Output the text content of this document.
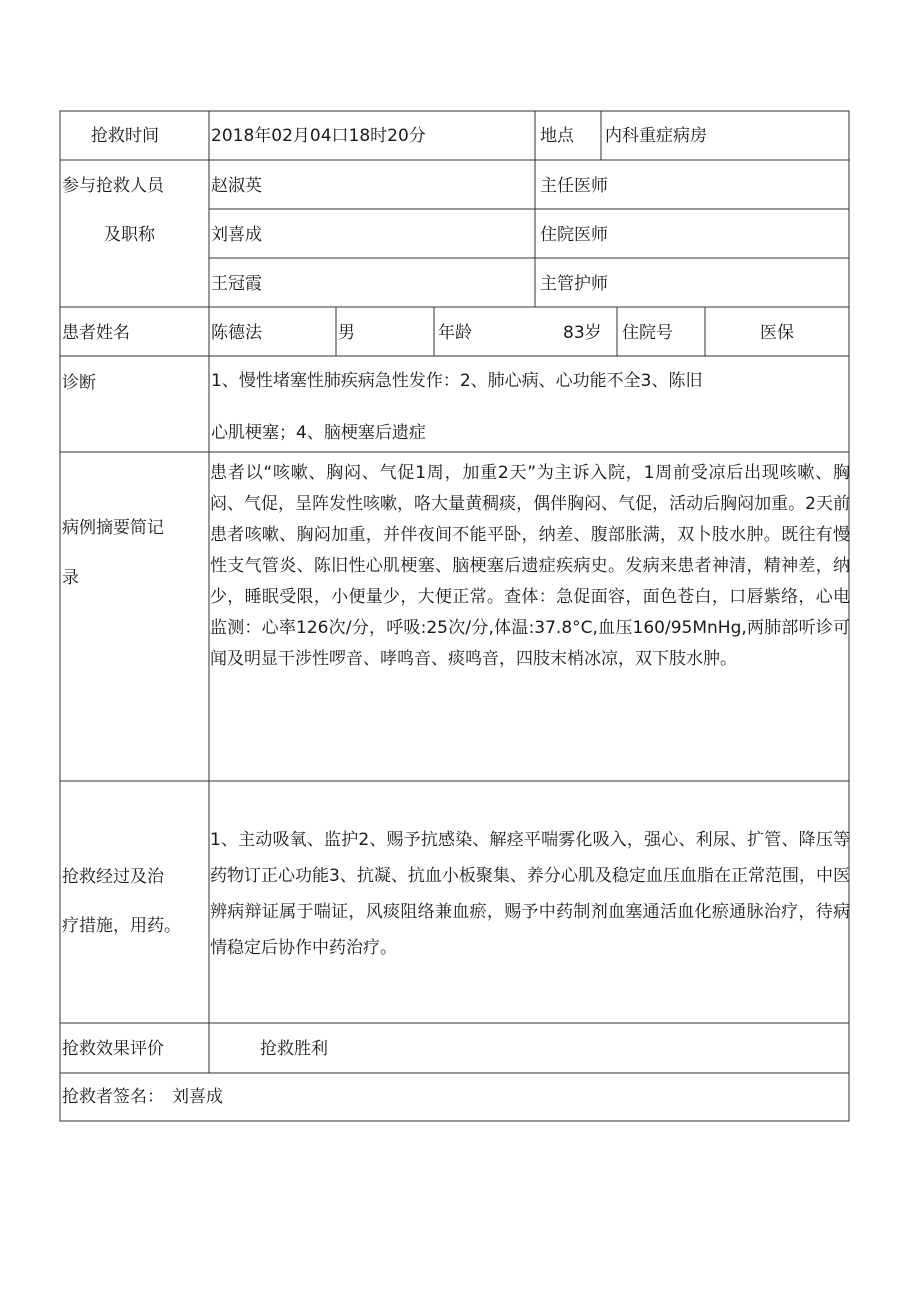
抢救时间	2018年02月04口18时20分	地点 内科重症病房
参与抢救人员
及职称
赵淑英	主任医师
刘喜成	住院医师
王冠霞	主管护师
患者姓名	陈德法	男	年龄	83岁 住院号	医保
诊断	1、慢性堵塞性肺疾病急性发作：2、肺心病、心功能不全3、陈旧
心肌梗塞；4、脑梗塞后遗症
病例摘要简记
录
患者以“咳嗽、胸闷、气促1周，加重2天”为主诉入院，1周前受凉后出现咳嗽、胸闷、气促，呈阵发性咳嗽，咯大量黄稠痰，偶伴胸闷、气促，活动后胸闷加重。2天前患者咳嗽、胸闷加重，并伴夜间不能平卧，纳差、腹部胀满，双卜肢水肿。既往有慢性支气管炎、陈旧性心肌梗塞、脑梗塞后遗症疾病史。发病来患者神清，精神差，纳少，睡眠受限，小便量少，大便正常。查体：急促面容，面色苍白，口唇紫络，心电监测：心率126次/分，呼吸:25次/分,体温:37.8°C,血压160/95MnHg,两肺部听诊可闻及明显干涉性啰音、哮鸣音、痰鸣音，四肢末梢冰凉，双下肢水肿。
抢救经过及治
疗措施，用药。
1、主动吸氧、监护2、赐予抗感染、解痉平喘雾化吸入，强心、利尿、扩管、降压等药物订正心功能3、抗凝、抗血小板聚集、养分心肌及稳定血压血脂在正常范围，中医辨病辩证属于喘证，风痰阻络兼血瘀，赐予中药制剂血塞通活血化瘀通脉治疗，待病情稳定后协作中药治疗。
抢救效果评价	抢救胜利
抢救者签名： 刘喜成
